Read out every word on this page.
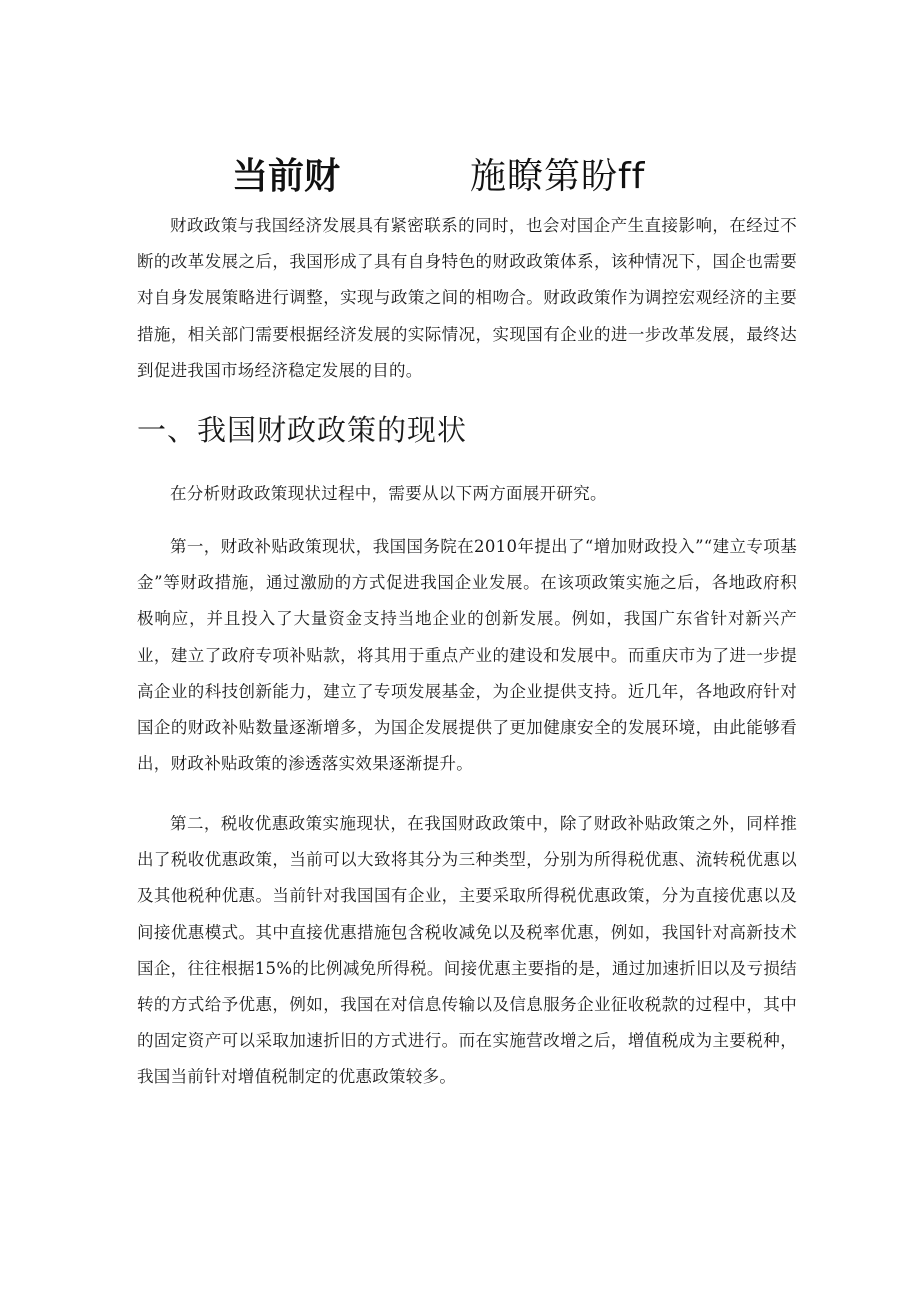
当前财	施瞭第盼ff

财政政策与我国经济发展具有紧密联系的同时，也会对国企产生直接影响，在经过不断的改革发展之后，我国形成了具有自身特色的财政政策体系，该种情况下，国企也需要对自身发展策略进行调整，实现与政策之间的相吻合。财政政策作为调控宏观经济的主要措施，相关部门需要根据经济发展的实际情况，实现国有企业的进一步改革发展，最终达到促进我国市场经济稳定发展的目的。

一、我国财政政策的现状

在分析财政政策现状过程中，需要从以下两方面展开研究。

第一，财政补贴政策现状，我国国务院在2010年提出了“增加财政投入”“建立专项基金”等财政措施，通过激励的方式促进我国企业发展。在该项政策实施之后，各地政府积极响应，并且投入了大量资金支持当地企业的创新发展。例如，我国广东省针对新兴产业，建立了政府专项补贴款，将其用于重点产业的建设和发展中。而重庆市为了进一步提高企业的科技创新能力，建立了专项发展基金，为企业提供支持。近几年，各地政府针对国企的财政补贴数量逐渐增多，为国企发展提供了更加健康安全的发展环境，由此能够看出，财政补贴政策的渗透落实效果逐渐提升。

第二，税收优惠政策实施现状，在我国财政政策中，除了财政补贴政策之外，同样推出了税收优惠政策，当前可以大致将其分为三种类型，分别为所得税优惠、流转税优惠以及其他税种优惠。当前针对我国国有企业，主要采取所得税优惠政策，分为直接优惠以及间接优惠模式。其中直接优惠措施包含税收减免以及税率优惠，例如，我国针对高新技术国企，往往根据15%的比例减免所得税。间接优惠主要指的是，通过加速折旧以及亏损结转的方式给予优惠，例如，我国在对信息传输以及信息服务企业征收税款的过程中，其中的固定资产可以采取加速折旧的方式进行。而在实施营改增之后，增值税成为主要税种，我国当前针对增值税制定的优惠政策较多。
